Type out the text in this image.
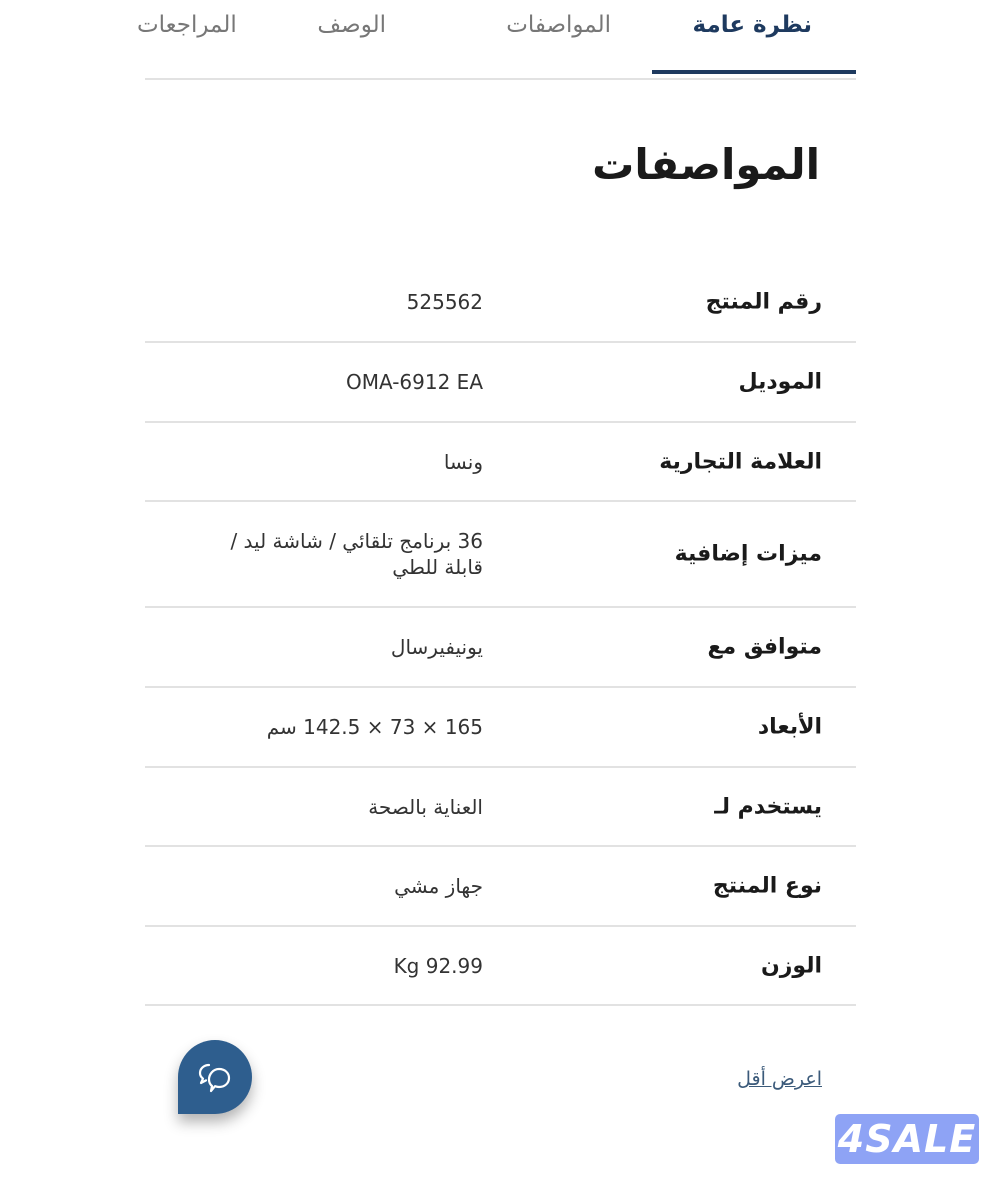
نظرة عامة
المواصفات
الوصف
المراجعات
المواصفات
رقم المنتج
525562
الموديل
OMA-6912 EA
العلامة التجارية
ونسا
ميزات إضافية
36 برنامج تلقائي / شاشة ليد / قابلة للطي
متوافق مع
يونيفيرسال
الأبعاد
165 × 73 × 142.5 سم
يستخدم لـ
العناية بالصحة
نوع المنتج
جهاز مشي
الوزن
92.99 Kg
اعرض أقل
4SALE
